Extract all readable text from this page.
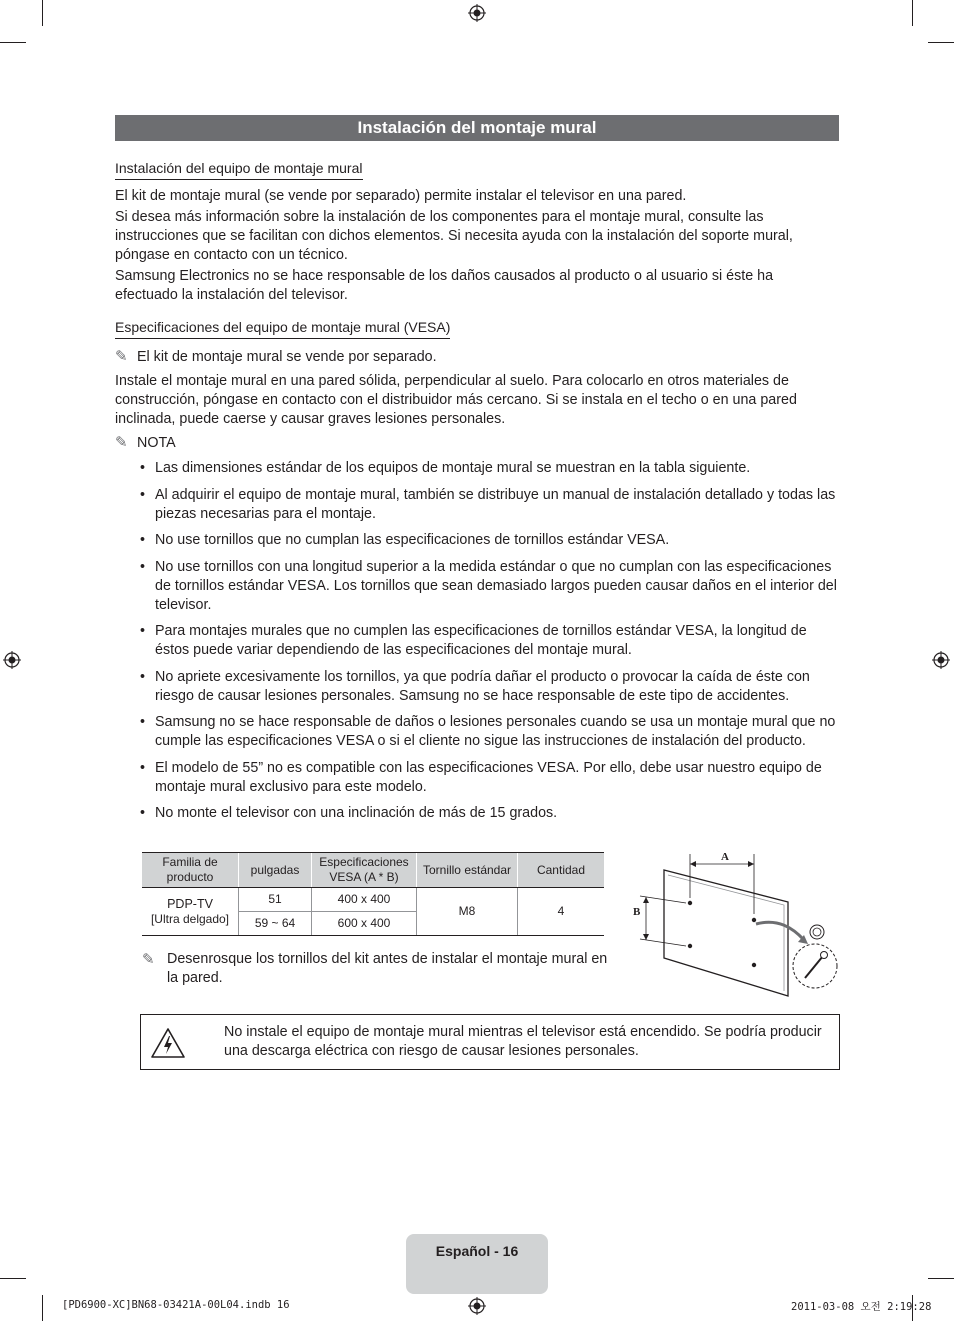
Instalación del montaje mural
Instalación del equipo de montaje mural

El kit de montaje mural (se vende por separado) permite instalar el televisor en una pared.

Si desea más información sobre la instalación de los componentes para el montaje mural, consulte las instrucciones que se facilitan con dichos elementos. Si necesita ayuda con la instalación del soporte mural, póngase en contacto con un técnico.

Samsung Electronics no se hace responsable de los daños causados al producto o al usuario si éste ha efectuado la instalación del televisor.

Especificaciones del equipo de montaje mural (VESA)
✎ El kit de montaje mural se vende por separado.

Instale el montaje mural en una pared sólida, perpendicular al suelo. Para colocarlo en otros materiales de construcción, póngase en contacto con el distribuidor más cercano. Si se instala en el techo o en una pared inclinada, puede caerse y causar graves lesiones personales.

✎ NOTA
• Las dimensiones estándar de los equipos de montaje mural se muestran en la tabla siguiente.
• Al adquirir el equipo de montaje mural, también se distribuye un manual de instalación detallado y todas las piezas necesarias para el montaje.
• No use tornillos que no cumplan las especificaciones de tornillos estándar VESA.
• No use tornillos con una longitud superior a la medida estándar o que no cumplan con las especificaciones de tornillos estándar VESA. Los tornillos que sean demasiado largos pueden causar daños en el interior del televisor.
• Para montajes murales que no cumplen las especificaciones de tornillos estándar VESA, la longitud de éstos puede variar dependiendo de las especificaciones del montaje mural.
• No apriete excesivamente los tornillos, ya que podría dañar el producto o provocar la caída de éste con riesgo de causar lesiones personales. Samsung no se hace responsable de este tipo de accidentes.
• Samsung no se hace responsable de daños o lesiones personales cuando se usa un montaje mural que no cumple las especificaciones VESA o si el cliente no sigue las instrucciones de instalación del producto.
• El modelo de 55” no es compatible con las especificaciones VESA. Por ello, debe usar nuestro equipo de montaje mural exclusivo para este modelo.
• No monte el televisor con una inclinación de más de 15 grados.
Familia de producto	pulgadas	Especificaciones VESA (A * B)	Tornillo estándar	Cantidad

PDP-TV
[Ultra delgado]	51	400 x 400	M8	4
	59 ~ 64	600 x 400		
✎ Desenrosque los tornillos del kit antes de instalar el montaje mural en la pared.
A
B
No instale el equipo de montaje mural mientras el televisor está encendido. Se podría producir una descarga eléctrica con riesgo de causar lesiones personales.
Español - 16
[PD6900-XC]BN68-03421A-00L04.indb 16	2011-03-08 오전 2:19:28
